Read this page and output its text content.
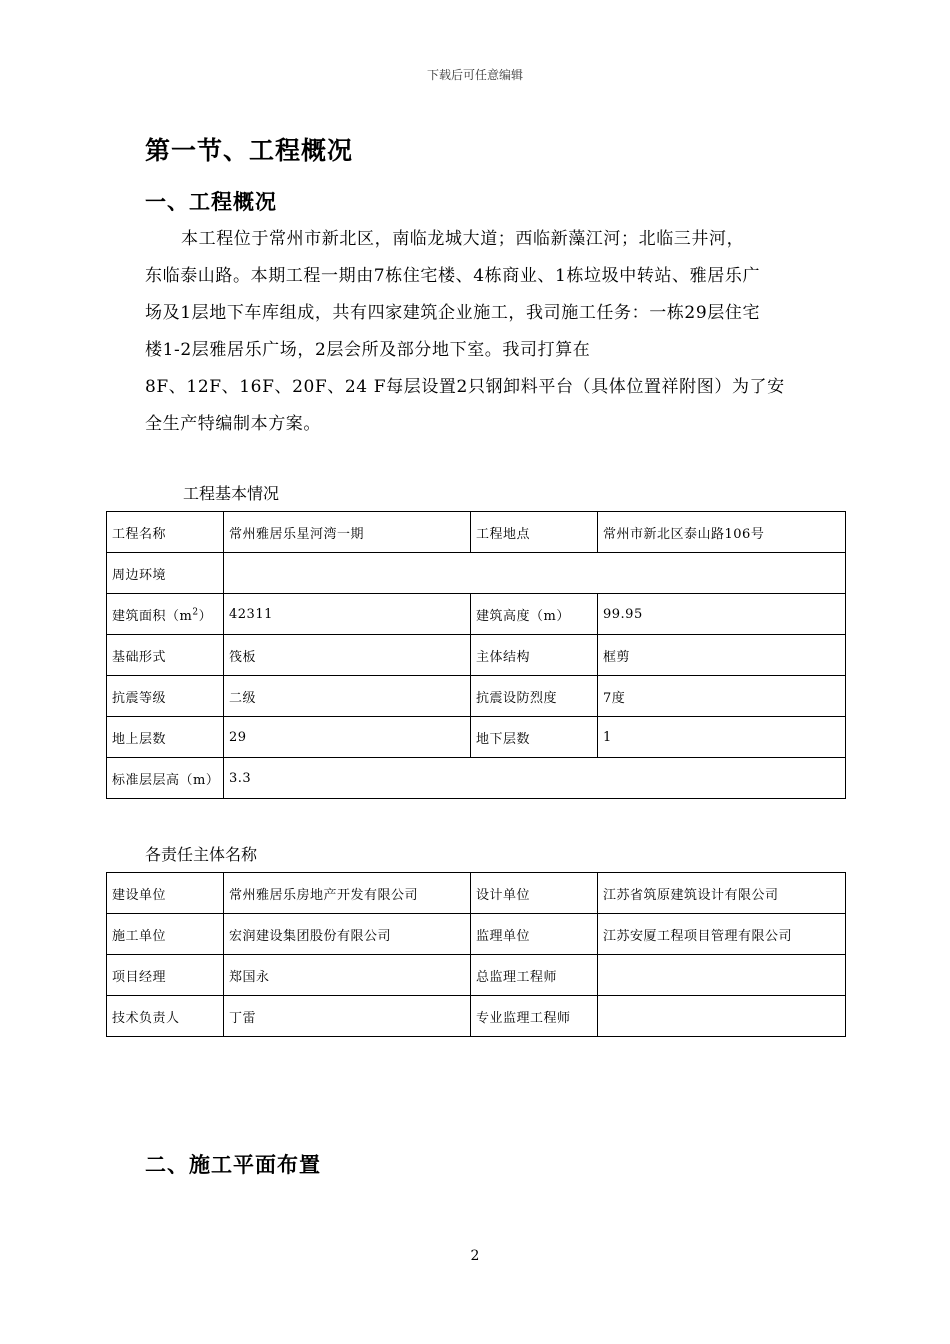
下载后可任意编辑
第一节、工程概况
一、工程概况

本工程位于常州市新北区，南临龙城大道；西临新藻江河；北临三井河，

东临泰山路。本期工程一期由7栋住宅楼、4栋商业、1栋垃圾中转站、雅居乐广

场及1层地下车库组成，共有四家建筑企业施工，我司施工任务：一栋29层住宅

楼1-2层雅居乐广场，2层会所及部分地下室。我司打算在

8F、12F、16F、20F、24 F每层设置2只钢卸料平台（具体位置祥附图）为了安

全生产特编制本方案。

工程基本情况
工程名称	常州雅居乐星河湾一期	工程地点	常州市新北区泰山路106号
周边环境			
建筑面积$(m^2)$	42311	建筑高度（m）	99.95
基础形式	筏板	主体结构	框剪
抗震等级	二级	抗震设防烈度	7度
地上层数	29	地下层数	1
标准层层高（m）	3.3		
各责任主体名称
建设单位	常州雅居乐房地产开发有限公司	设计单位	江苏省筑原建筑设计有限公司
施工单位	宏润建设集团股份有限公司	监理单位	江苏安厦工程项目管理有限公司
项目经理	郑国永	总监理工程师	
技术负责人	丁雷	专业监理工程师	
二、施工平面布置
2
